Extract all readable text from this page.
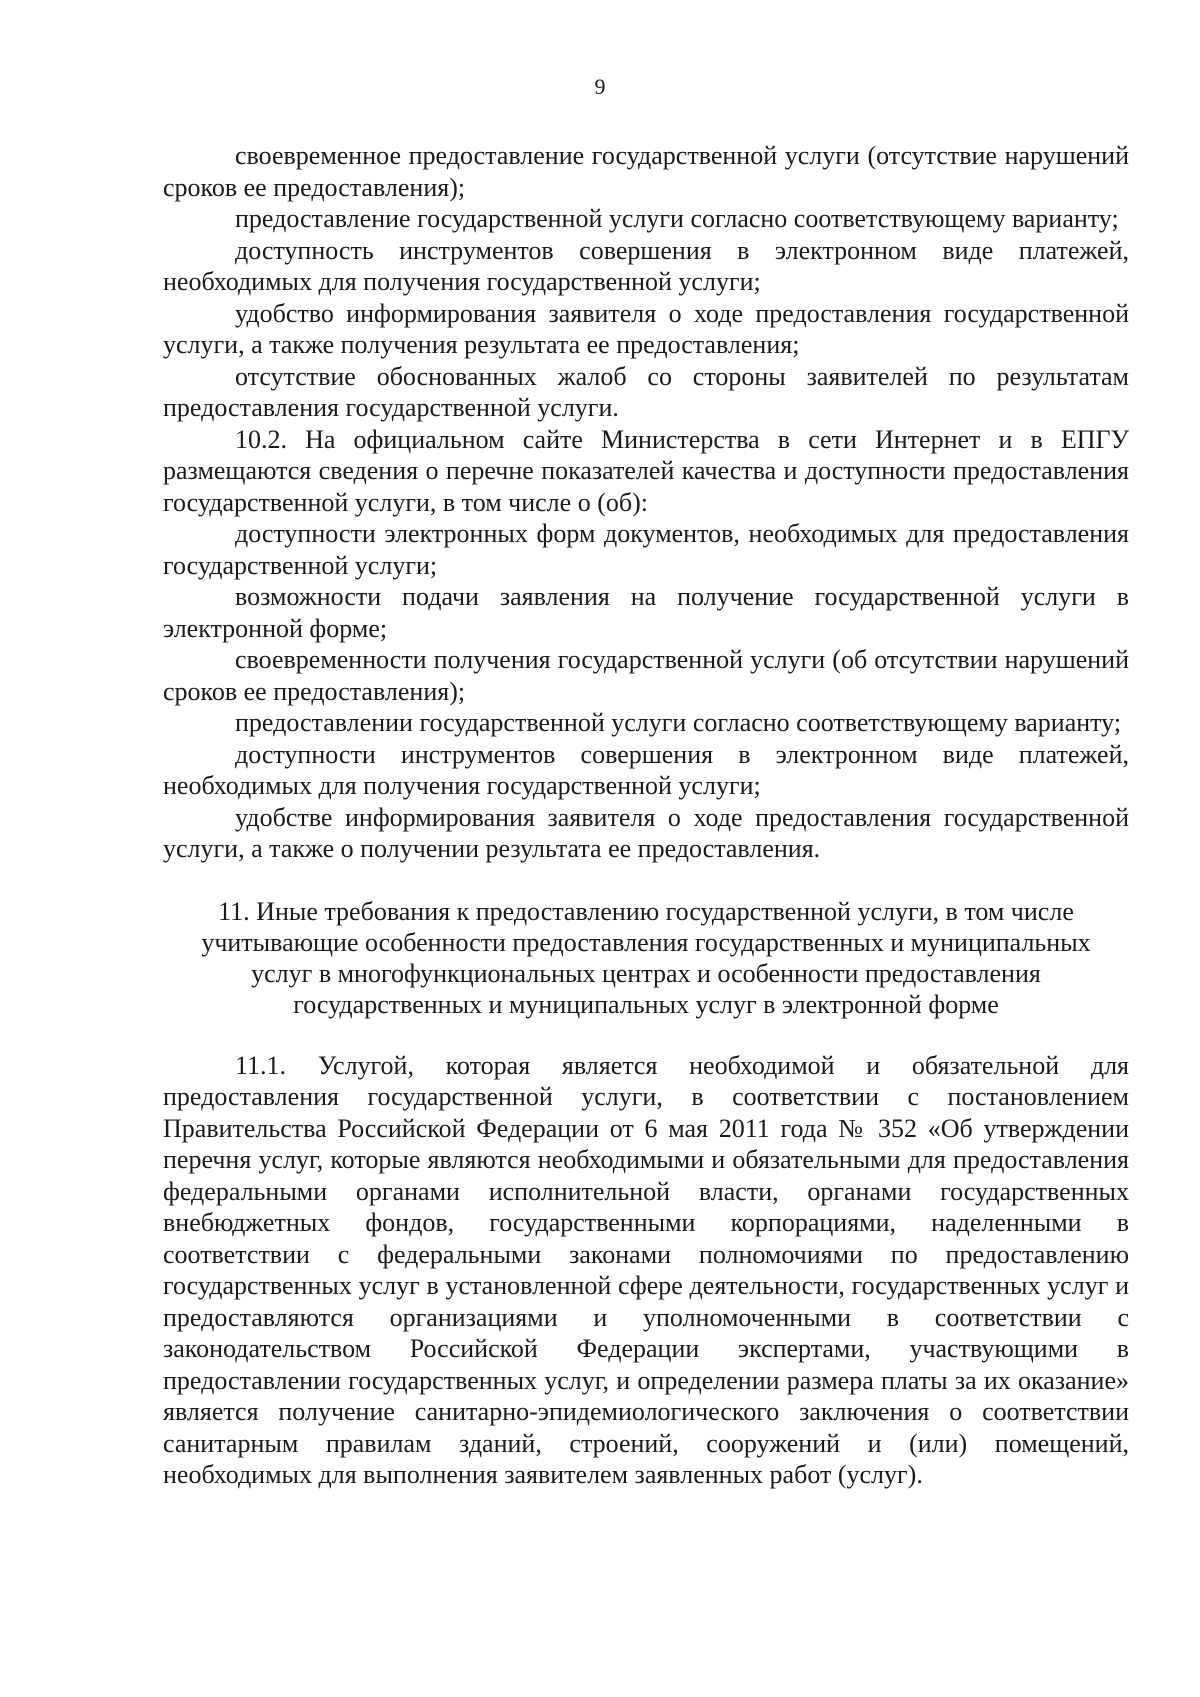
9

своевременное предоставление государственной услуги (отсутствие нарушений сроков ее предоставления);

предоставление государственной услуги согласно соответствующему варианту;

доступность инструментов совершения в электронном виде платежей, необходимых для получения государственной услуги;

удобство информирования заявителя о ходе предоставления государственной услуги, а также получения результата ее предоставления;

отсутствие обоснованных жалоб со стороны заявителей по результатам предоставления государственной услуги.

10.2. На официальном сайте Министерства в сети Интернет и в ЕПГУ размещаются сведения о перечне показателей качества и доступности предоставления государственной услуги, в том числе о (об):

доступности электронных форм документов, необходимых для предоставления государственной услуги;

возможности подачи заявления на получение государственной услуги в электронной форме;

своевременности получения государственной услуги (об отсутствии нарушений сроков ее предоставления);

предоставлении государственной услуги согласно соответствующему варианту;

доступности инструментов совершения в электронном виде платежей, необходимых для получения государственной услуги;

удобстве информирования заявителя о ходе предоставления государственной услуги, а также о получении результата ее предоставления.

11. Иные требования к предоставлению государственной услуги, в том числе
учитывающие особенности предоставления государственных и муниципальных
услуг в многофункциональных центрах и особенности предоставления
государственных и муниципальных услуг в электронной форме

11.1. Услугой, которая является необходимой и обязательной для предоставления государственной услуги, в соответствии с постановлением Правительства Российской Федерации от 6 мая 2011 года № 352 «Об утверждении перечня услуг, которые являются необходимыми и обязательными для предоставления федеральными органами исполнительной власти, органами государственных внебюджетных фондов, государственными корпорациями, наделенными в соответствии с федеральными законами полномочиями по предоставлению государственных услуг в установленной сфере деятельности, государственных услуг и предоставляются организациями и уполномоченными в соответствии с законодательством Российской Федерации экспертами, участвующими в предоставлении государственных услуг, и определении размера платы за их оказание» является получение санитарно-эпидемиологического заключения о соответствии санитарным правилам зданий, строений, сооружений и (или) помещений, необходимых для выполнения заявителем заявленных работ (услуг).
